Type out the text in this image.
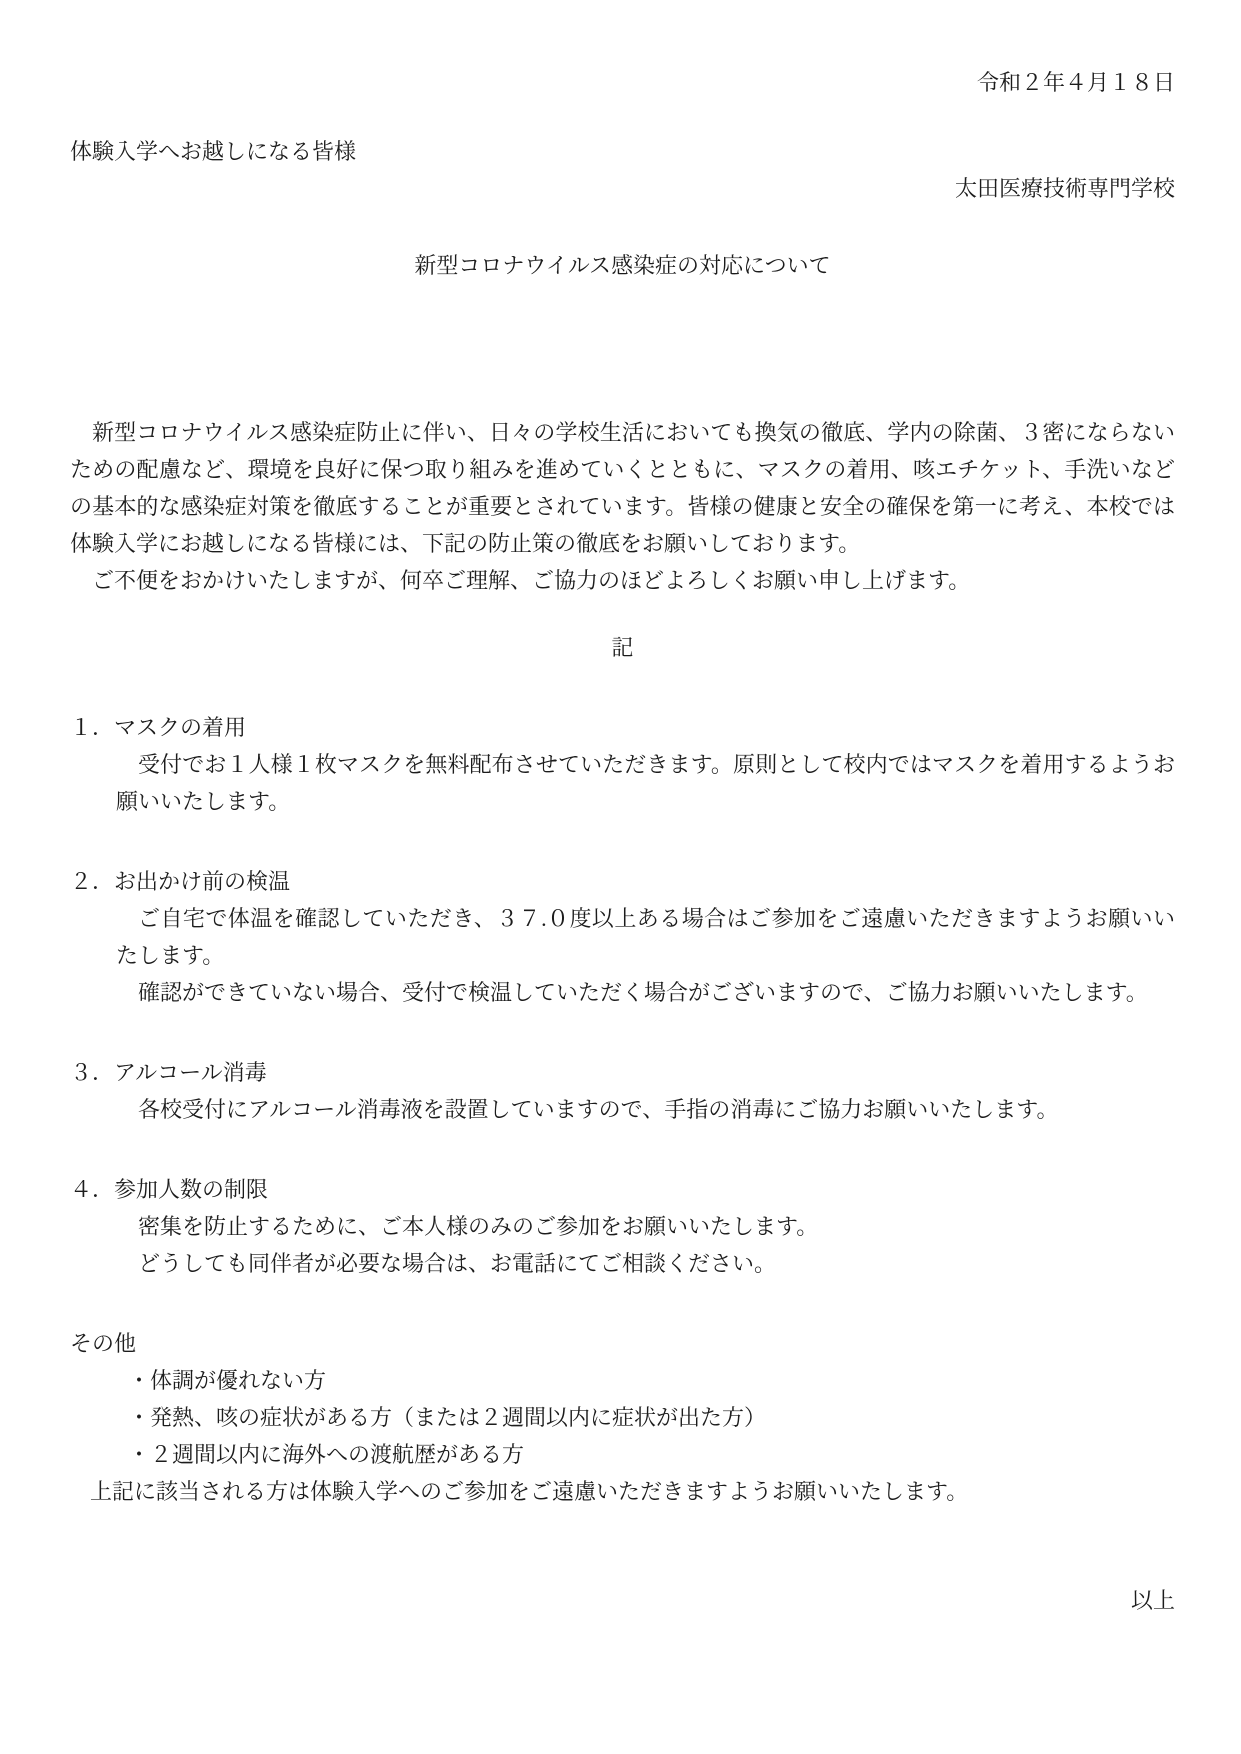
令和２年４月１８日

体験入学へお越しになる皆様

太田医療技術専門学校

新型コロナウイルス感染症の対応について

新型コロナウイルス感染症防止に伴い、日々の学校生活においても換気の徹底、学内の除菌、３密にならないための配慮など、環境を良好に保つ取り組みを進めていくとともに、マスクの着用、咳エチケット、手洗いなどの基本的な感染症対策を徹底することが重要とされています。皆様の健康と安全の確保を第一に考え、本校では体験入学にお越しになる皆様には、下記の防止策の徹底をお願いしております。

ご不便をおかけいたしますが、何卒ご理解、ご協力のほどよろしくお願い申し上げます。

記

１．マスクの着用

受付でお１人様１枚マスクを無料配布させていただきます。原則として校内ではマスクを着用するようお願いいたします。

２．お出かけ前の検温

ご自宅で体温を確認していただき、３７.０度以上ある場合はご参加をご遠慮いただきますようお願いいたします。

確認ができていない場合、受付で検温していただく場合がございますので、ご協力お願いいたします。

３．アルコール消毒

各校受付にアルコール消毒液を設置していますので、手指の消毒にご協力お願いいたします。

４．参加人数の制限

密集を防止するために、ご本人様のみのご参加をお願いいたします。

どうしても同伴者が必要な場合は、お電話にてご相談ください。

その他

・体調が優れない方

・発熱、咳の症状がある方（または２週間以内に症状が出た方）

・２週間以内に海外への渡航歴がある方

上記に該当される方は体験入学へのご参加をご遠慮いただきますようお願いいたします。

以上
